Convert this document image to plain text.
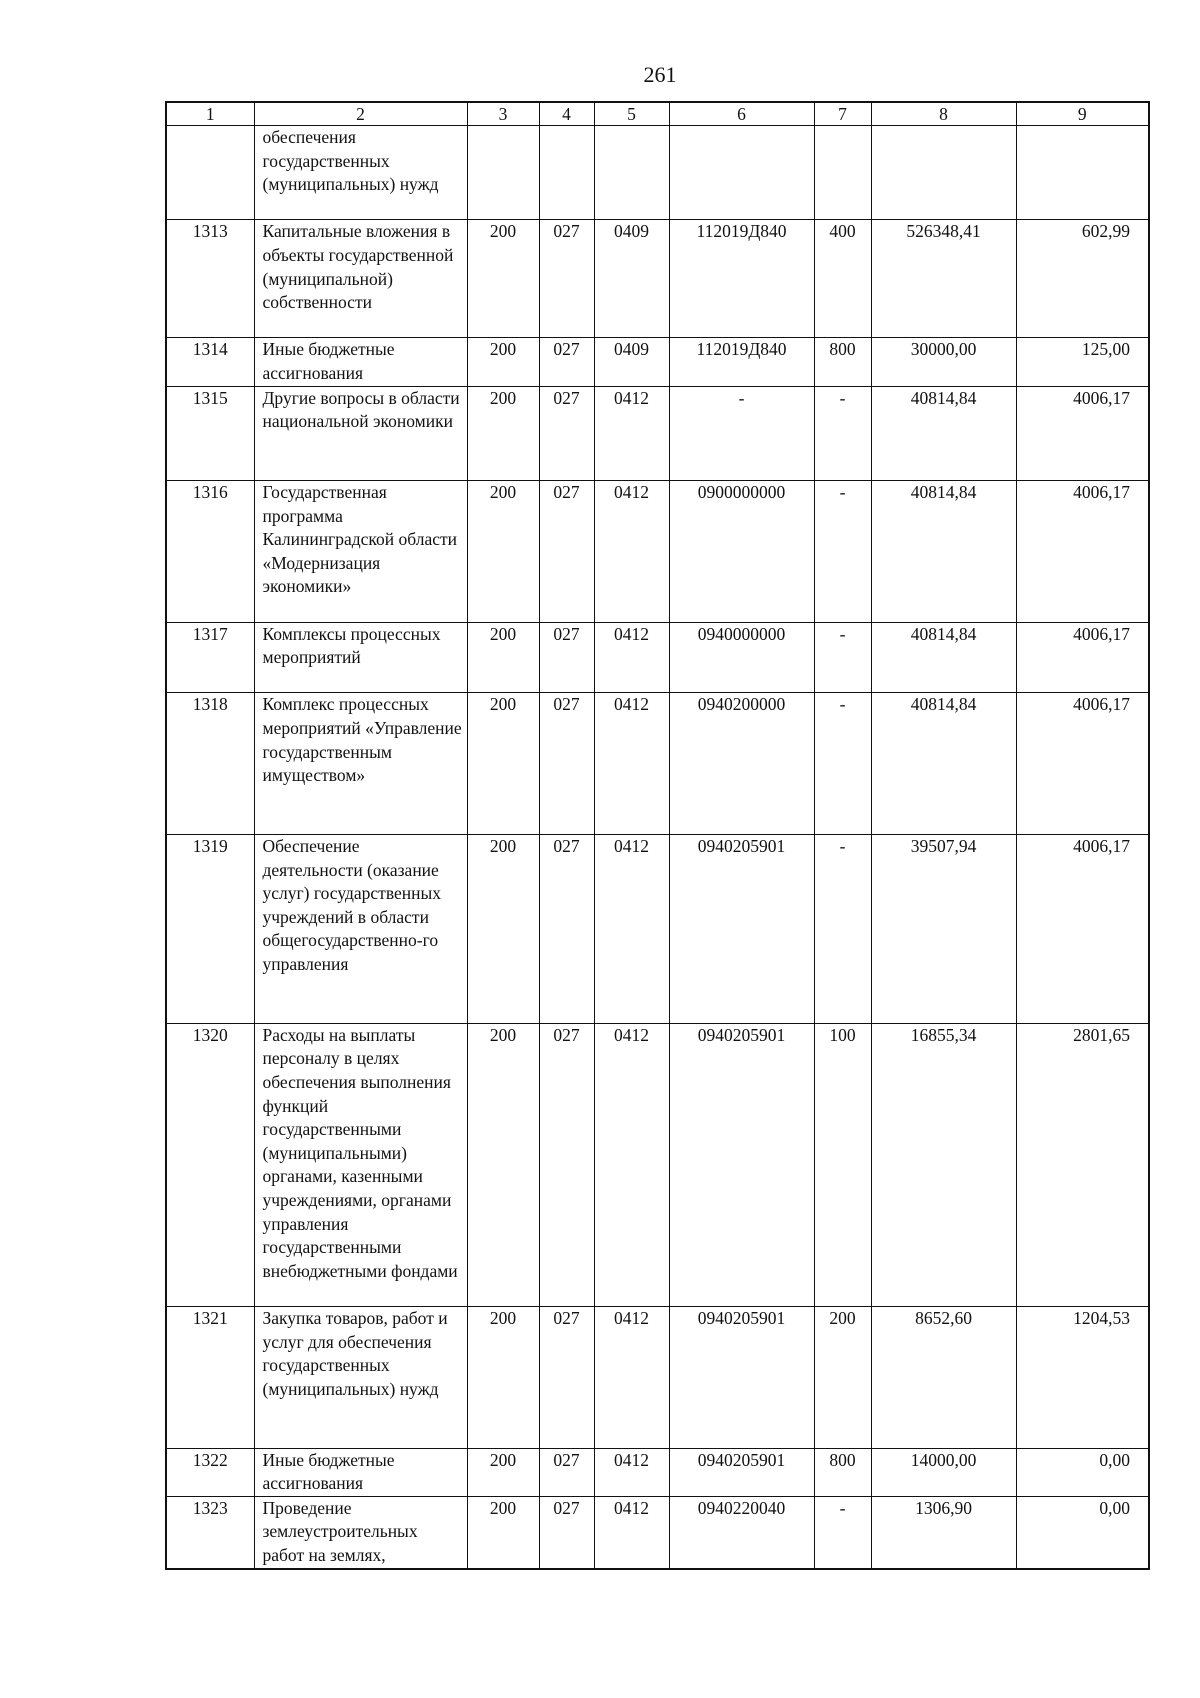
261
1	2	3	4	5	6	7	8	9
	обеспечения государственных (муниципальных) нужд							
1313	Капитальные вложения в объекты государственной (муниципальной) собственности	200	027	0409	112019Д840	400	526348,41	602,99
1314	Иные бюджетные ассигнования	200	027	0409	112019Д840	800	30000,00	125,00
1315	Другие вопросы в области национальной экономики	200	027	0412	-	-	40814,84	4006,17
1316	Государственная программа Калининградской области «Модернизация экономики»	200	027	0412	0900000000	-	40814,84	4006,17
1317	Комплексы процессных мероприятий	200	027	0412	0940000000	-	40814,84	4006,17
1318	Комплекс процессных мероприятий «Управление государственным имуществом»	200	027	0412	0940200000	-	40814,84	4006,17
1319	Обеспечение деятельности (оказание услуг) государственных учреждений в области общегосударственно-го управления	200	027	0412	0940205901	-	39507,94	4006,17
1320	Расходы на выплаты персоналу в целях обеспечения выполнения функций государственными (муниципальными) органами, казенными учреждениями, органами управления государственными внебюджетными фондами	200	027	0412	0940205901	100	16855,34	2801,65
1321	Закупка товаров, работ и услуг для обеспечения государственных (муниципальных) нужд	200	027	0412	0940205901	200	8652,60	1204,53
1322	Иные бюджетные ассигнования	200	027	0412	0940205901	800	14000,00	0,00
1323	Проведение землеустроительных работ на землях,	200	027	0412	0940220040	-	1306,90	0,00
